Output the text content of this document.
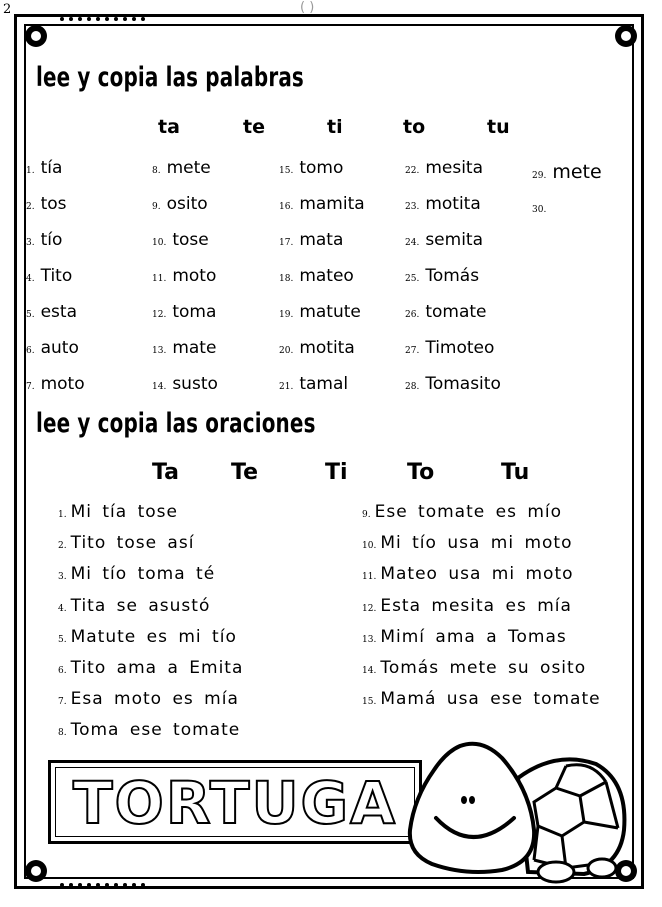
2	( )
lee y copia las palabras
ta	te	ti	to	tu
1. tía
2. tos
3. tío
4. Tito
5. esta
6. auto
7. moto
8. mete
9. osito
10. tose
11. moto
12. toma
13. mate
14. susto
15. tomo
16. mamita
17. mata
18. mateo
19. matute
20. motita
21. tamal
22. mesita
23. motita
24. semita
25. Tomás
26. tomate
27. Timoteo
28. Tomasito
29. mete
30.
lee y copia las oraciones
Ta Te	Ti	To	Tu
1. Mi tía tose
2. Tito tose así
3. Mi tío toma té
4. Tita se asustó
5. Matute es mi tío
6. Tito ama a Emita
7. Esa moto es mía
8. Toma ese tomate
9. Ese tomate es mío
10. Mi tío usa mi moto
11. Mateo usa mi moto
12. Esta mesita es mía
13. Mimí ama a Tomas
14. Tomás mete su osito
15. Mamá usa ese tomate
TORTUGA
